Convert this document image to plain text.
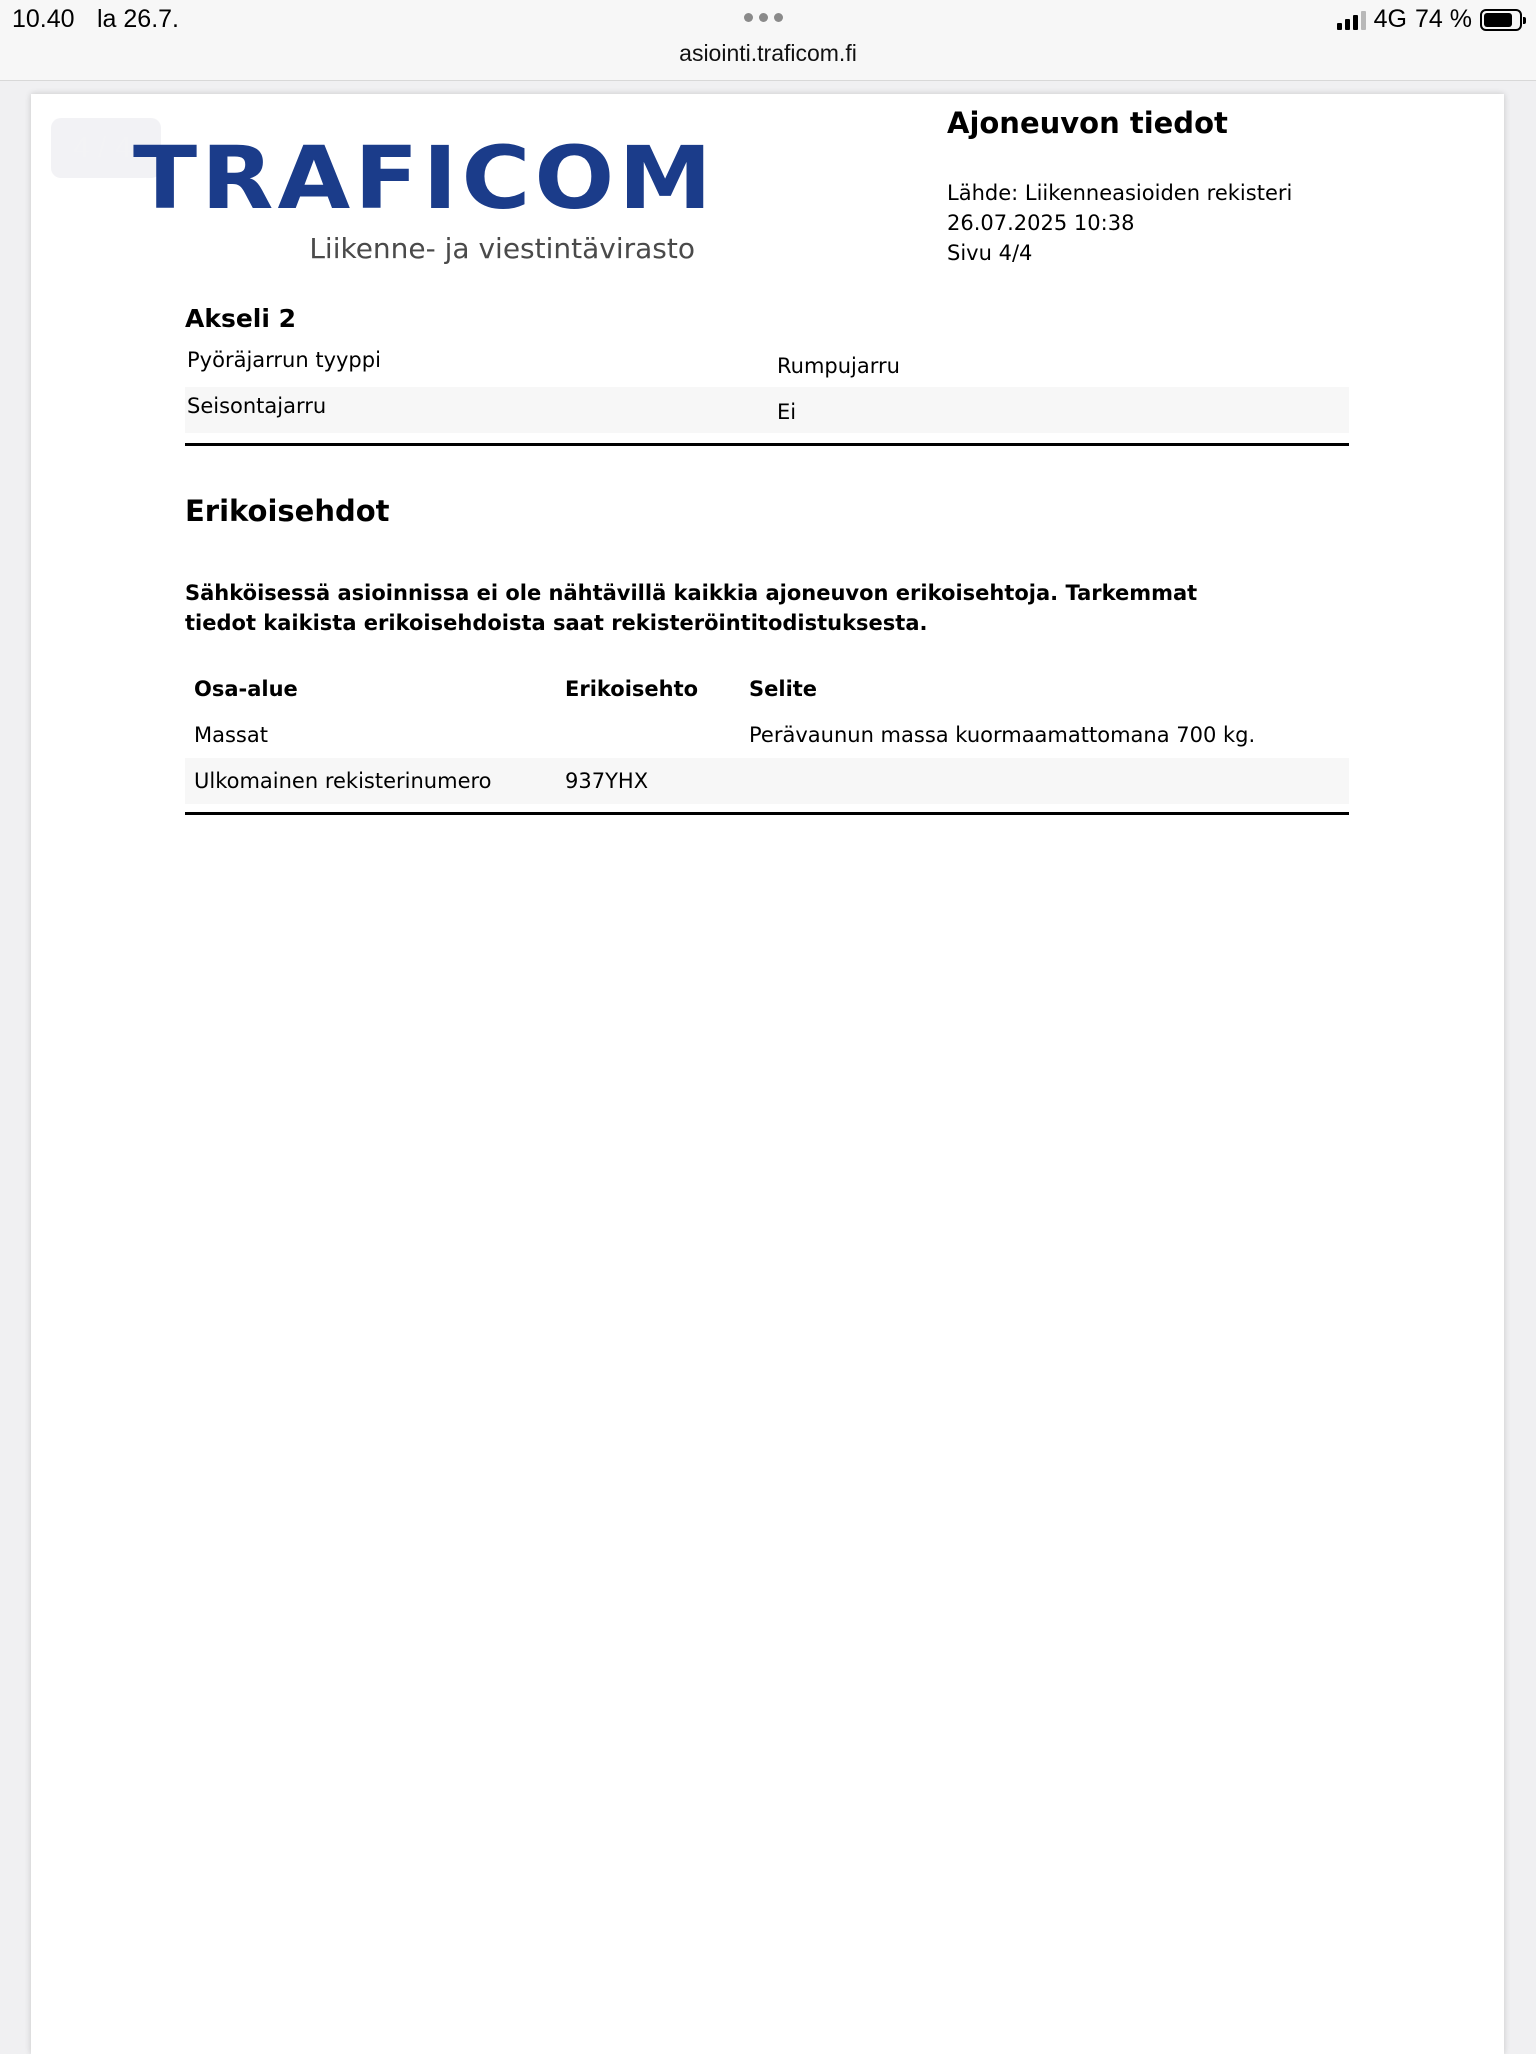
10.40 la 26.7.
asiointi.traficom.fi
4G 74 %
4 / 4 TRAFICOM
Liikenne- ja viestintävirasto
Ajoneuvon tiedot
Lähde: Liikenneasioiden rekisteri
26.07.2025 10:38
Sivu 4/4
Akseli 2
Pyöräjarrun tyyppi	Rumpujarru
Seisontajarru	Ei
Erikoisehdot
Sähköisessä asioinnissa ei ole nähtävillä kaikkia ajoneuvon erikoisehtoja. Tarkemmat
tiedot kaikista erikoisehdoista saat rekisteröintitodistuksesta.
Osa-alue	Erikoisehto	Selite
Massat		Perävaunun massa kuormaamattomana 700 kg.
Ulkomainen rekisterinumero	937YHX	
